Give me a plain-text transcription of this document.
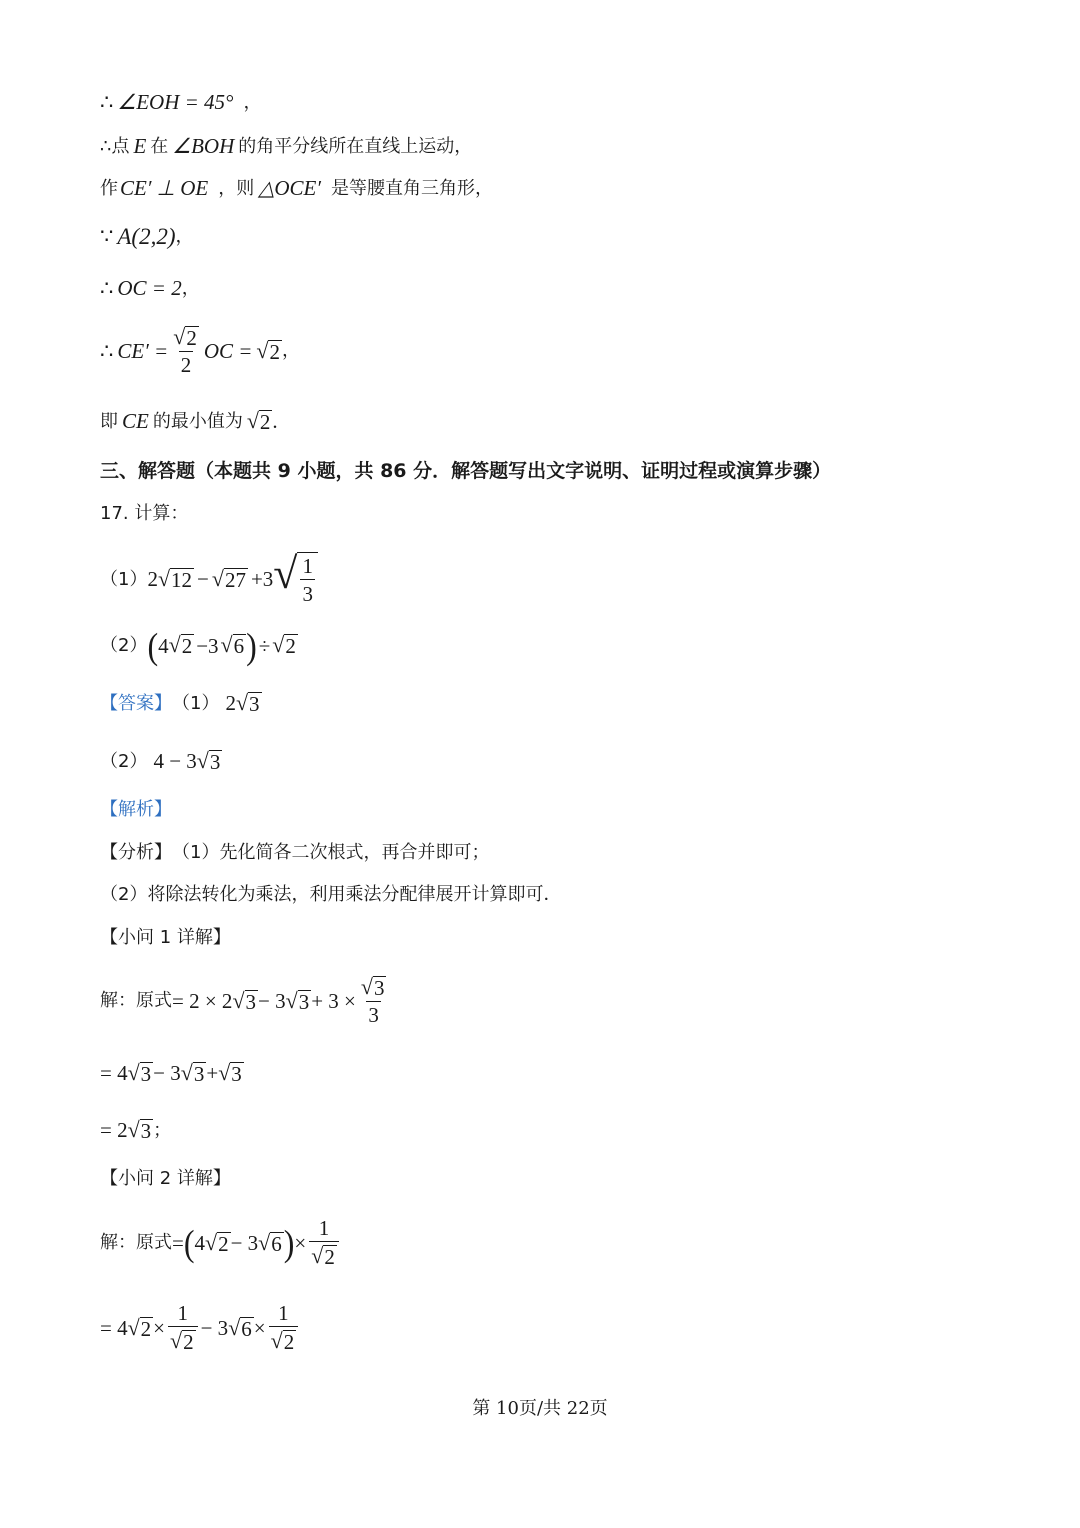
∴ ∠EOH = 45° ，
∴点 E 在 ∠BOH 的角平分线所在直线上运动，
作 CE′ ⊥ OE ，则 △OCE′ 是等腰直角三角形，
∵ A(2,2) ，
∴ OC = 2 ，
∴ $CE' = \frac{√ 2}{2}$ OC = √ 2 ，
即 CE 的最小值为 √ 2 .
三、解答题（本题共 9 小题，共 86 分．解答题写出文字说明、证明过程或演算步骤）
17. 计算：
（1） 2 √ 12 − √ 27 +3 √ $\frac{1}{3}$
（2） ( 4 √ 2 −3 √ 6 ) ÷ √ 2
【答案】 （1） 2 √ 3
（2） 4 − 3 √ 3
【解析】
【分析】 （1）先化简各二次根式，再合并即可；
（2）将除法转化为乘法，利用乘法分配律展开计算即可．
【小问 1 详解】
解：原式 = 2 × 2 √ 3 − 3 √ $3 + 3 \times \frac{√ 3}{3}$
= 4 √ 3 − 3 √ 3 + √ 3
= 2 √ 3 ；
【小问 2 详解】
解：原式 = ( 4 √ 2 − 3 √ 6 ) × $\frac{1}{√ 2}$
= 4 √ $2 \times \frac{1}{√ 2} - 3$ √ $6 \times \frac{1}{√ 2}$
第 10页/共 22页
